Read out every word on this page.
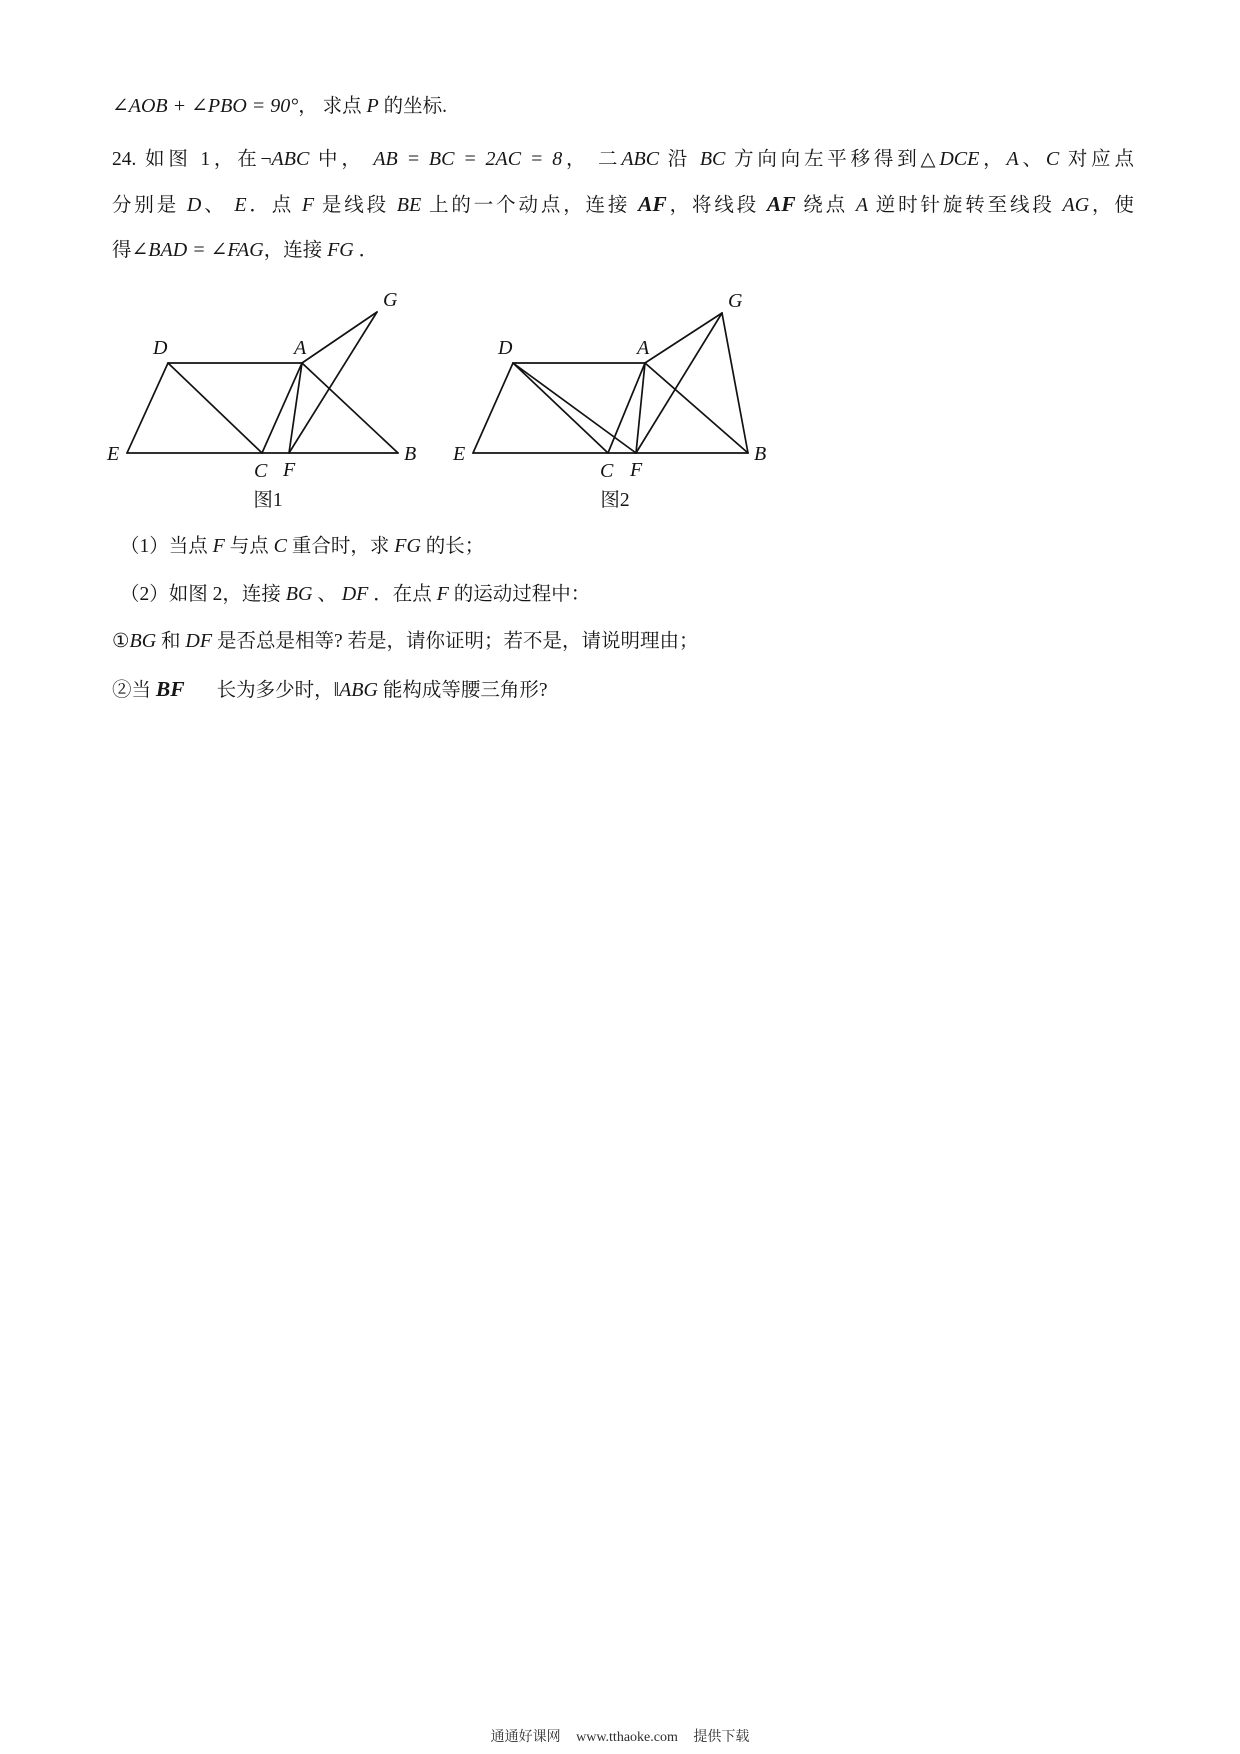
∠AOB + ∠PBO = 90°， 求点 P 的坐标.
24. 如图 1，在¬ABC 中， AB = BC = 2AC = 8， 二ABC 沿 BC 方向向左平移得到△DCE，A、C 对应点
分别是 D、 E．点 F 是线段 BE 上的一个动点，连接 AF，将线段 AF 绕点 A 逆时针旋转至线段 AG，使
得∠BAD = ∠FAG，连接 FG ．
（1）当点 F 与点 C 重合时，求 FG 的长；
（2）如图 2，连接 BG 、 DF ．在点 F 的运动过程中：
①BG 和 DF 是否总是相等? 若是，请你证明；若不是，请说明理由；
②当 BF 长为多少时，‖ABG 能构成等腰三角形?
E	B
D	A
G
C F
E	B
D	A
G
C F
图1	图2
通通好课网 www.tthaoke.com 提供下载
